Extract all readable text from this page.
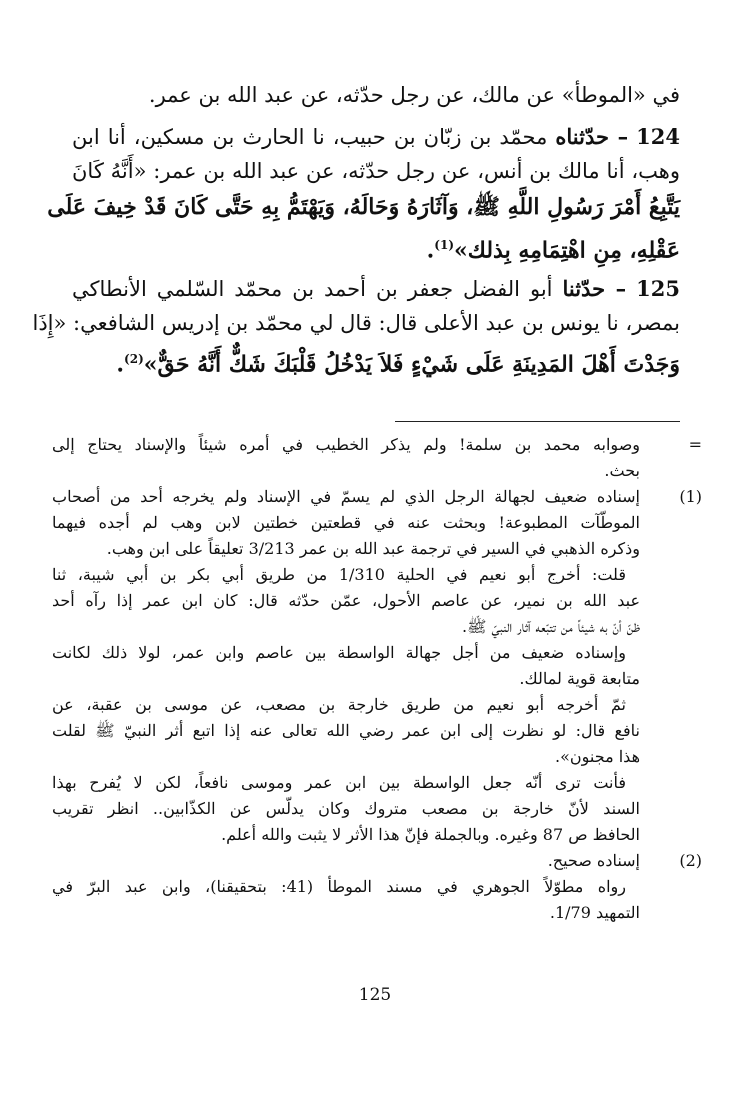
في «الموطأ» عن مالك، عن رجل حدّثه، عن عبد الله بن عمر.
124 – حدّثناه محمّد بن زبّان بن حبيب، نا الحارث بن مسكين، أنا ابن
وهب، أنا مالك بن أنس، عن رجل حدّثه، عن عبد الله بن عمر: «أَنَّهُ كَانَ
يَتَّبِعُ أَمْرَ رَسُولِ اللَّهِ ﷺ، وَآثَارَهُ وَحَالَهُ، وَيَهْتَمُّ بِهِ حَتَّى كَانَ قَدْ خِيفَ عَلَى
عَقْلِهِ، مِنِ اهْتِمَامِهِ بِذلك»$^{(1)}$.
125 – حدّثنا أبو الفضل جعفر بن أحمد بن محمّد السّلمي الأنطاكي
بمصر، نا يونس بن عبد الأعلى قال: قال لي محمّد بن إدريس الشافعي: «إِذَا
وَجَدْتَ أَهْلَ المَدِينَةِ عَلَى شَيْءٍ فَلاَ يَدْخُلُ قَلْبَكَ شَكٌّ أَنَّهُ حَقٌّ»$^{(2)}$.
=
وصوابه محمد بن سلمة! ولم يذكر الخطيب في أمره شيئاً والإسناد يحتاج إلى
بحث.
(1)
إسناده ضعيف لجهالة الرجل الذي لم يسمّ في الإسناد ولم يخرجه أحد من أصحاب
الموطّآت المطبوعة! وبحثت عنه في قطعتين خطتين لابن وهب لم أجده فيهما
وذكره الذهبي في السير في ترجمة عبد الله بن عمر 3/213 تعليقاً على ابن وهب.
قلت: أخرج أبو نعيم في الحلية 1/310 من طريق أبي بكر بن أبي شيبة، ثنا
عبد الله بن نمير، عن عاصم الأحول، عمّن حدّثه قال: كان ابن عمر إذا رآه أحد
ظنّ أنّ به شيئاً من تتبّعه آثار النبيّ ﷺ.
وإسناده ضعيف من أجل جهالة الواسطة بين عاصم وابن عمر، لولا ذلك لكانت
متابعة قوية لمالك.
ثمّ أخرجه أبو نعيم من طريق خارجة بن مصعب، عن موسى بن عقبة، عن
نافع قال: لو نظرت إلى ابن عمر رضي الله تعالى عنه إذا اتبع أثر النبيّ ﷺ لقلت
هذا مجنون».
فأنت ترى أنّه جعل الواسطة بين ابن عمر وموسى نافعاً، لكن لا يُفرح بهذا
السند لأنّ خارجة بن مصعب متروك وكان يدلّس عن الكذّابين.. انظر تقريب
الحافظ ص 87 وغيره. وبالجملة فإنّ هذا الأثر لا يثبت والله أعلم.
(2)
إسناده صحيح.
رواه مطوّلاً الجوهري في مسند الموطأ (41: بتحقيقنا)، وابن عبد البرّ في
التمهيد 1/79.
125
